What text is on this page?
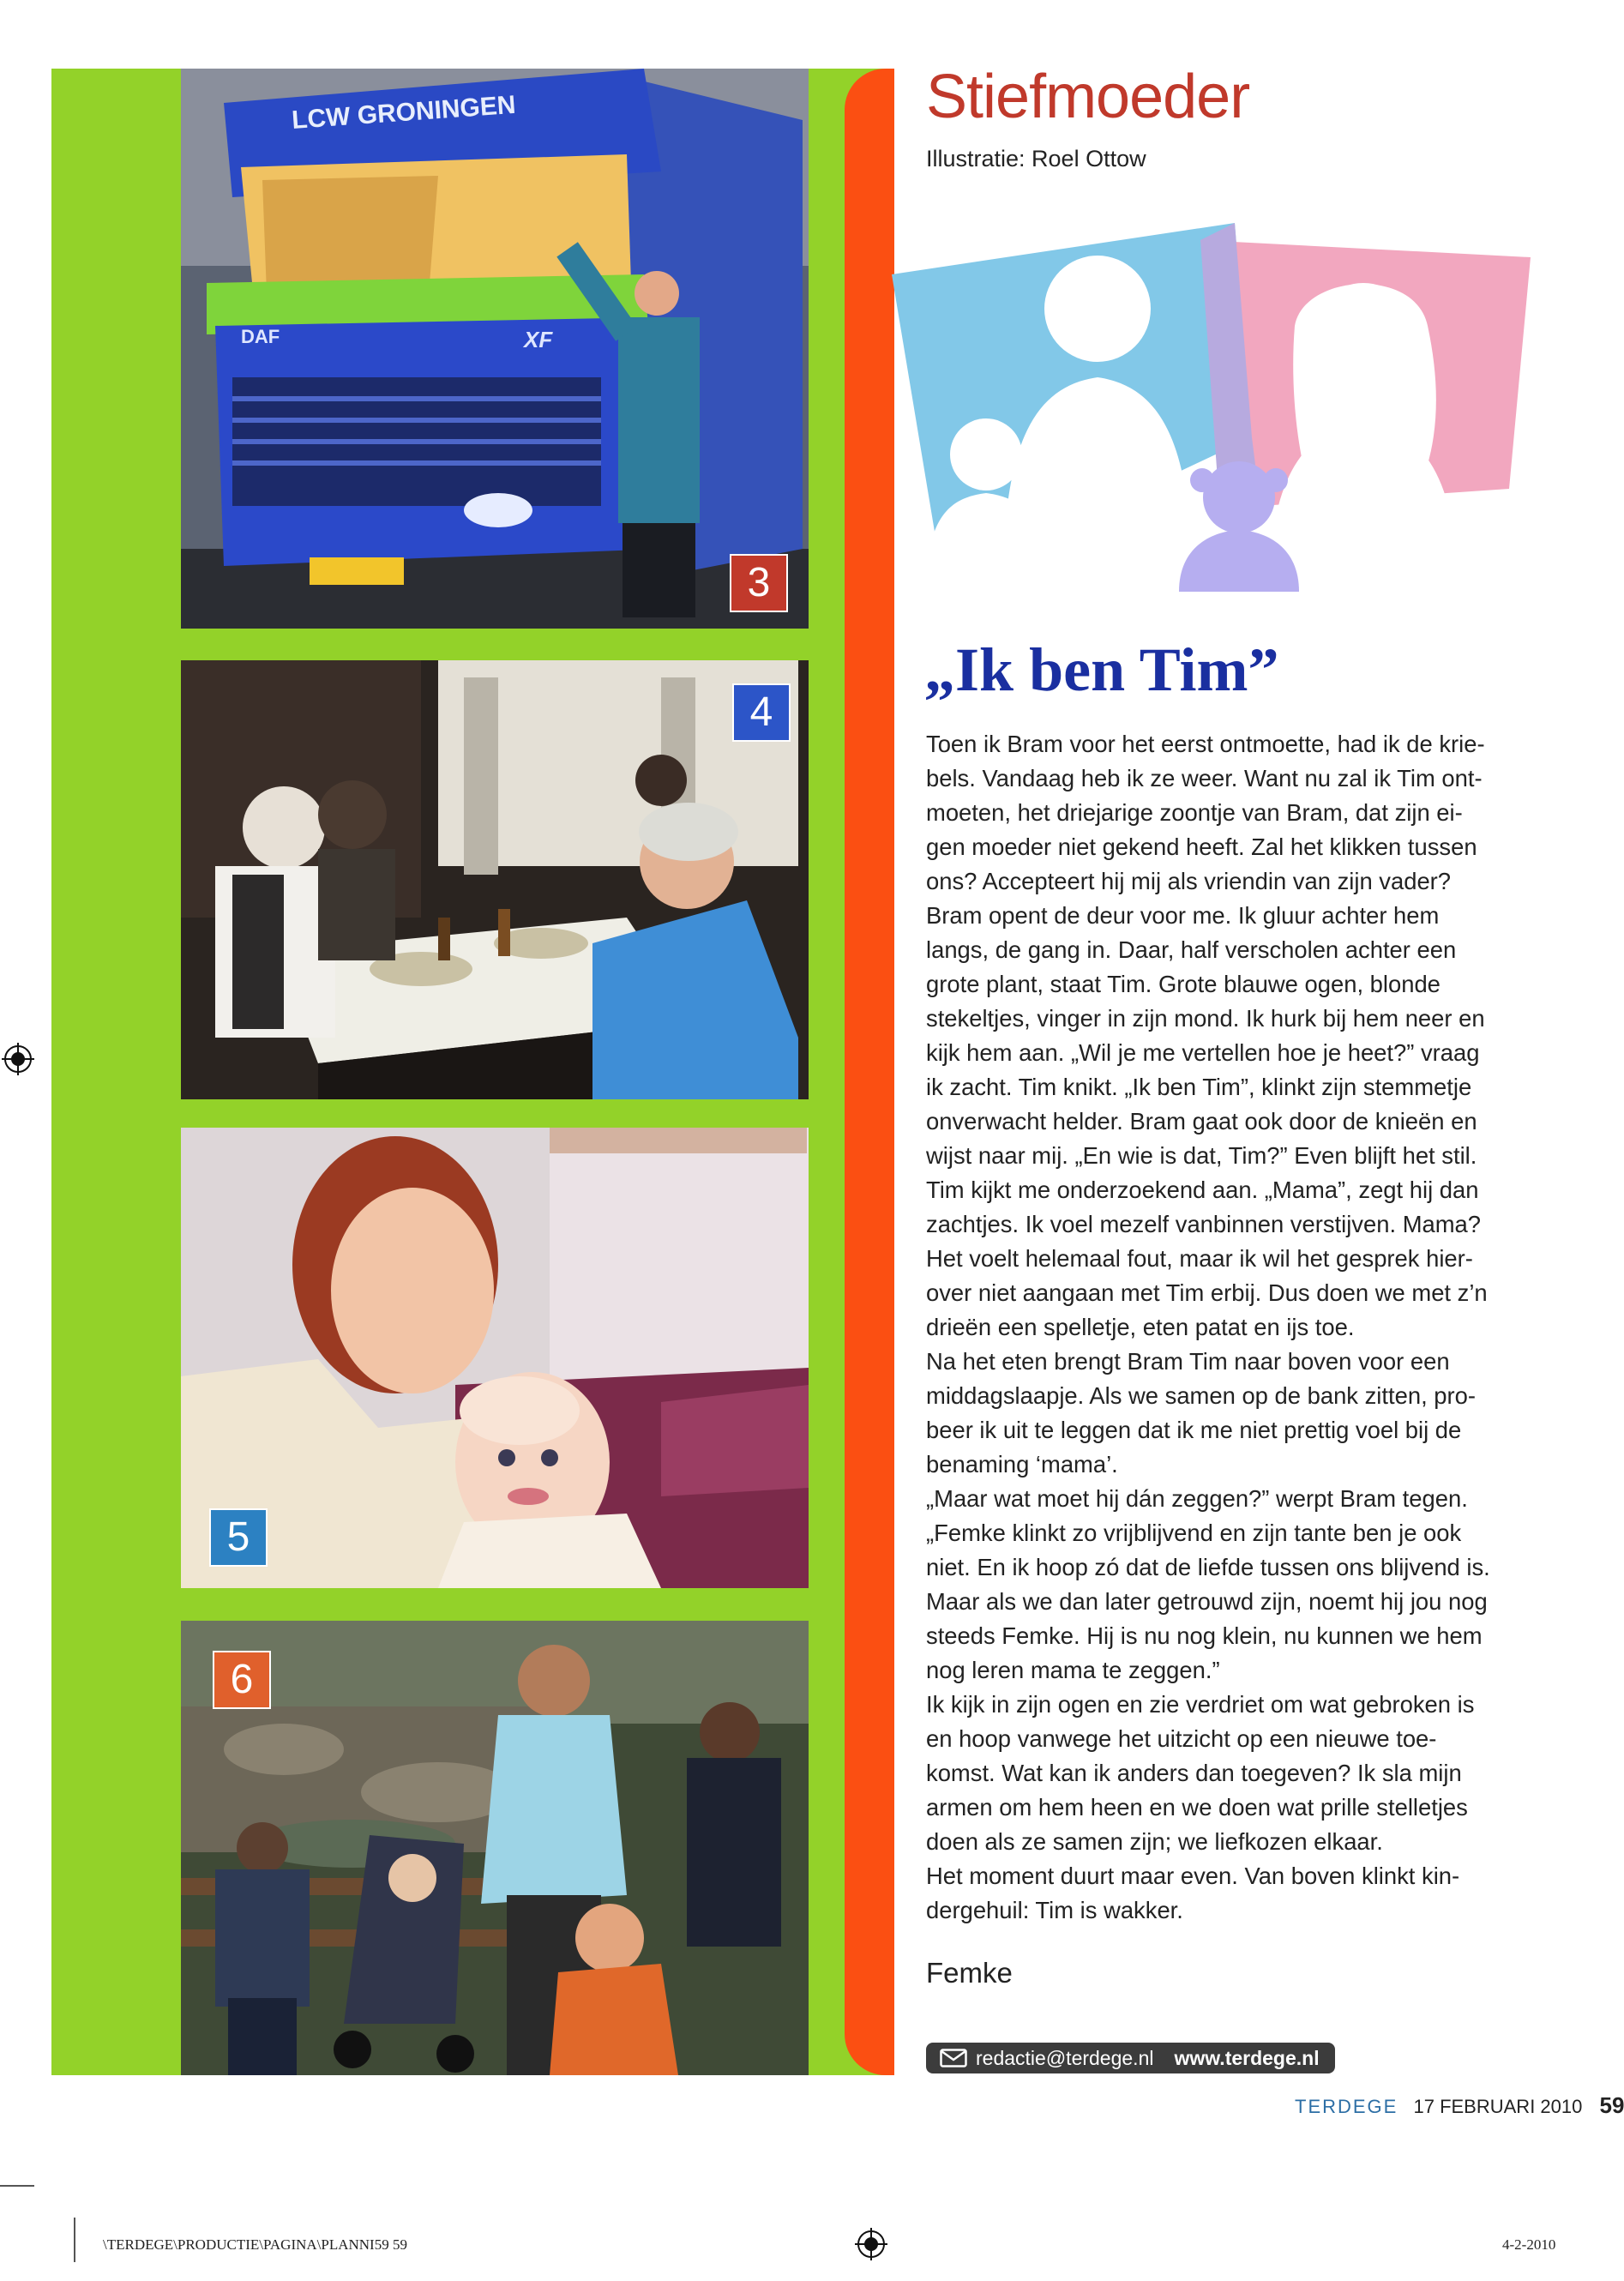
LCW GRONINGEN
DAF	XF
3
4
5
6
Stiefmoeder
Illustratie: Roel Ottow
„Ik ben Tim”

Toen ik Bram voor het eerst ontmoette, had ik de krie-

bels. Vandaag heb ik ze weer. Want nu zal ik Tim ont-

moeten, het driejarige zoontje van Bram, dat zijn ei-

gen moeder niet gekend heeft. Zal het klikken tussen

ons? Accepteert hij mij als vriendin van zijn vader?

Bram opent de deur voor me. Ik gluur achter hem

langs, de gang in. Daar, half verscholen achter een

grote plant, staat Tim. Grote blauwe ogen, blonde

stekeltjes, vinger in zijn mond. Ik hurk bij hem neer en

kijk hem aan. „Wil je me vertellen hoe je heet?” vraag

ik zacht. Tim knikt. „Ik ben Tim”, klinkt zijn stemmetje

onverwacht helder. Bram gaat ook door de knieën en

wijst naar mij. „En wie is dat, Tim?” Even blijft het stil.

Tim kijkt me onderzoekend aan. „Mama”, zegt hij dan

zachtjes. Ik voel mezelf vanbinnen verstijven. Mama?

Het voelt helemaal fout, maar ik wil het gesprek hier-

over niet aangaan met Tim erbij. Dus doen we met z’n

drieën een spelletje, eten patat en ijs toe.

Na het eten brengt Bram Tim naar boven voor een

middagslaapje. Als we samen op de bank zitten, pro-

beer ik uit te leggen dat ik me niet prettig voel bij de

benaming ‘mama’.

„Maar wat moet hij dán zeggen?” werpt Bram tegen.

„Femke klinkt zo vrijblijvend en zijn tante ben je ook

niet. En ik hoop zó dat de liefde tussen ons blijvend is.

Maar als we dan later getrouwd zijn, noemt hij jou nog

steeds Femke. Hij is nu nog klein, nu kunnen we hem

nog leren mama te zeggen.”

Ik kijk in zijn ogen en zie verdriet om wat gebroken is

en hoop vanwege het uitzicht op een nieuwe toe-

komst. Wat kan ik anders dan toegeven? Ik sla mijn

armen om hem heen en we doen wat prille stelletjes

doen als ze samen zijn; we liefkozen elkaar.

Het moment duurt maar even. Van boven klinkt kin-

dergehuil: Tim is wakker.

Femke
redactie@terdege.nl www.terdege.nl
TERDEGE 17 FEBRUARI 2010 59
\TERDEGE\PRODUCTIE\PAGINA\PLANNI59 59	4-2-2010
